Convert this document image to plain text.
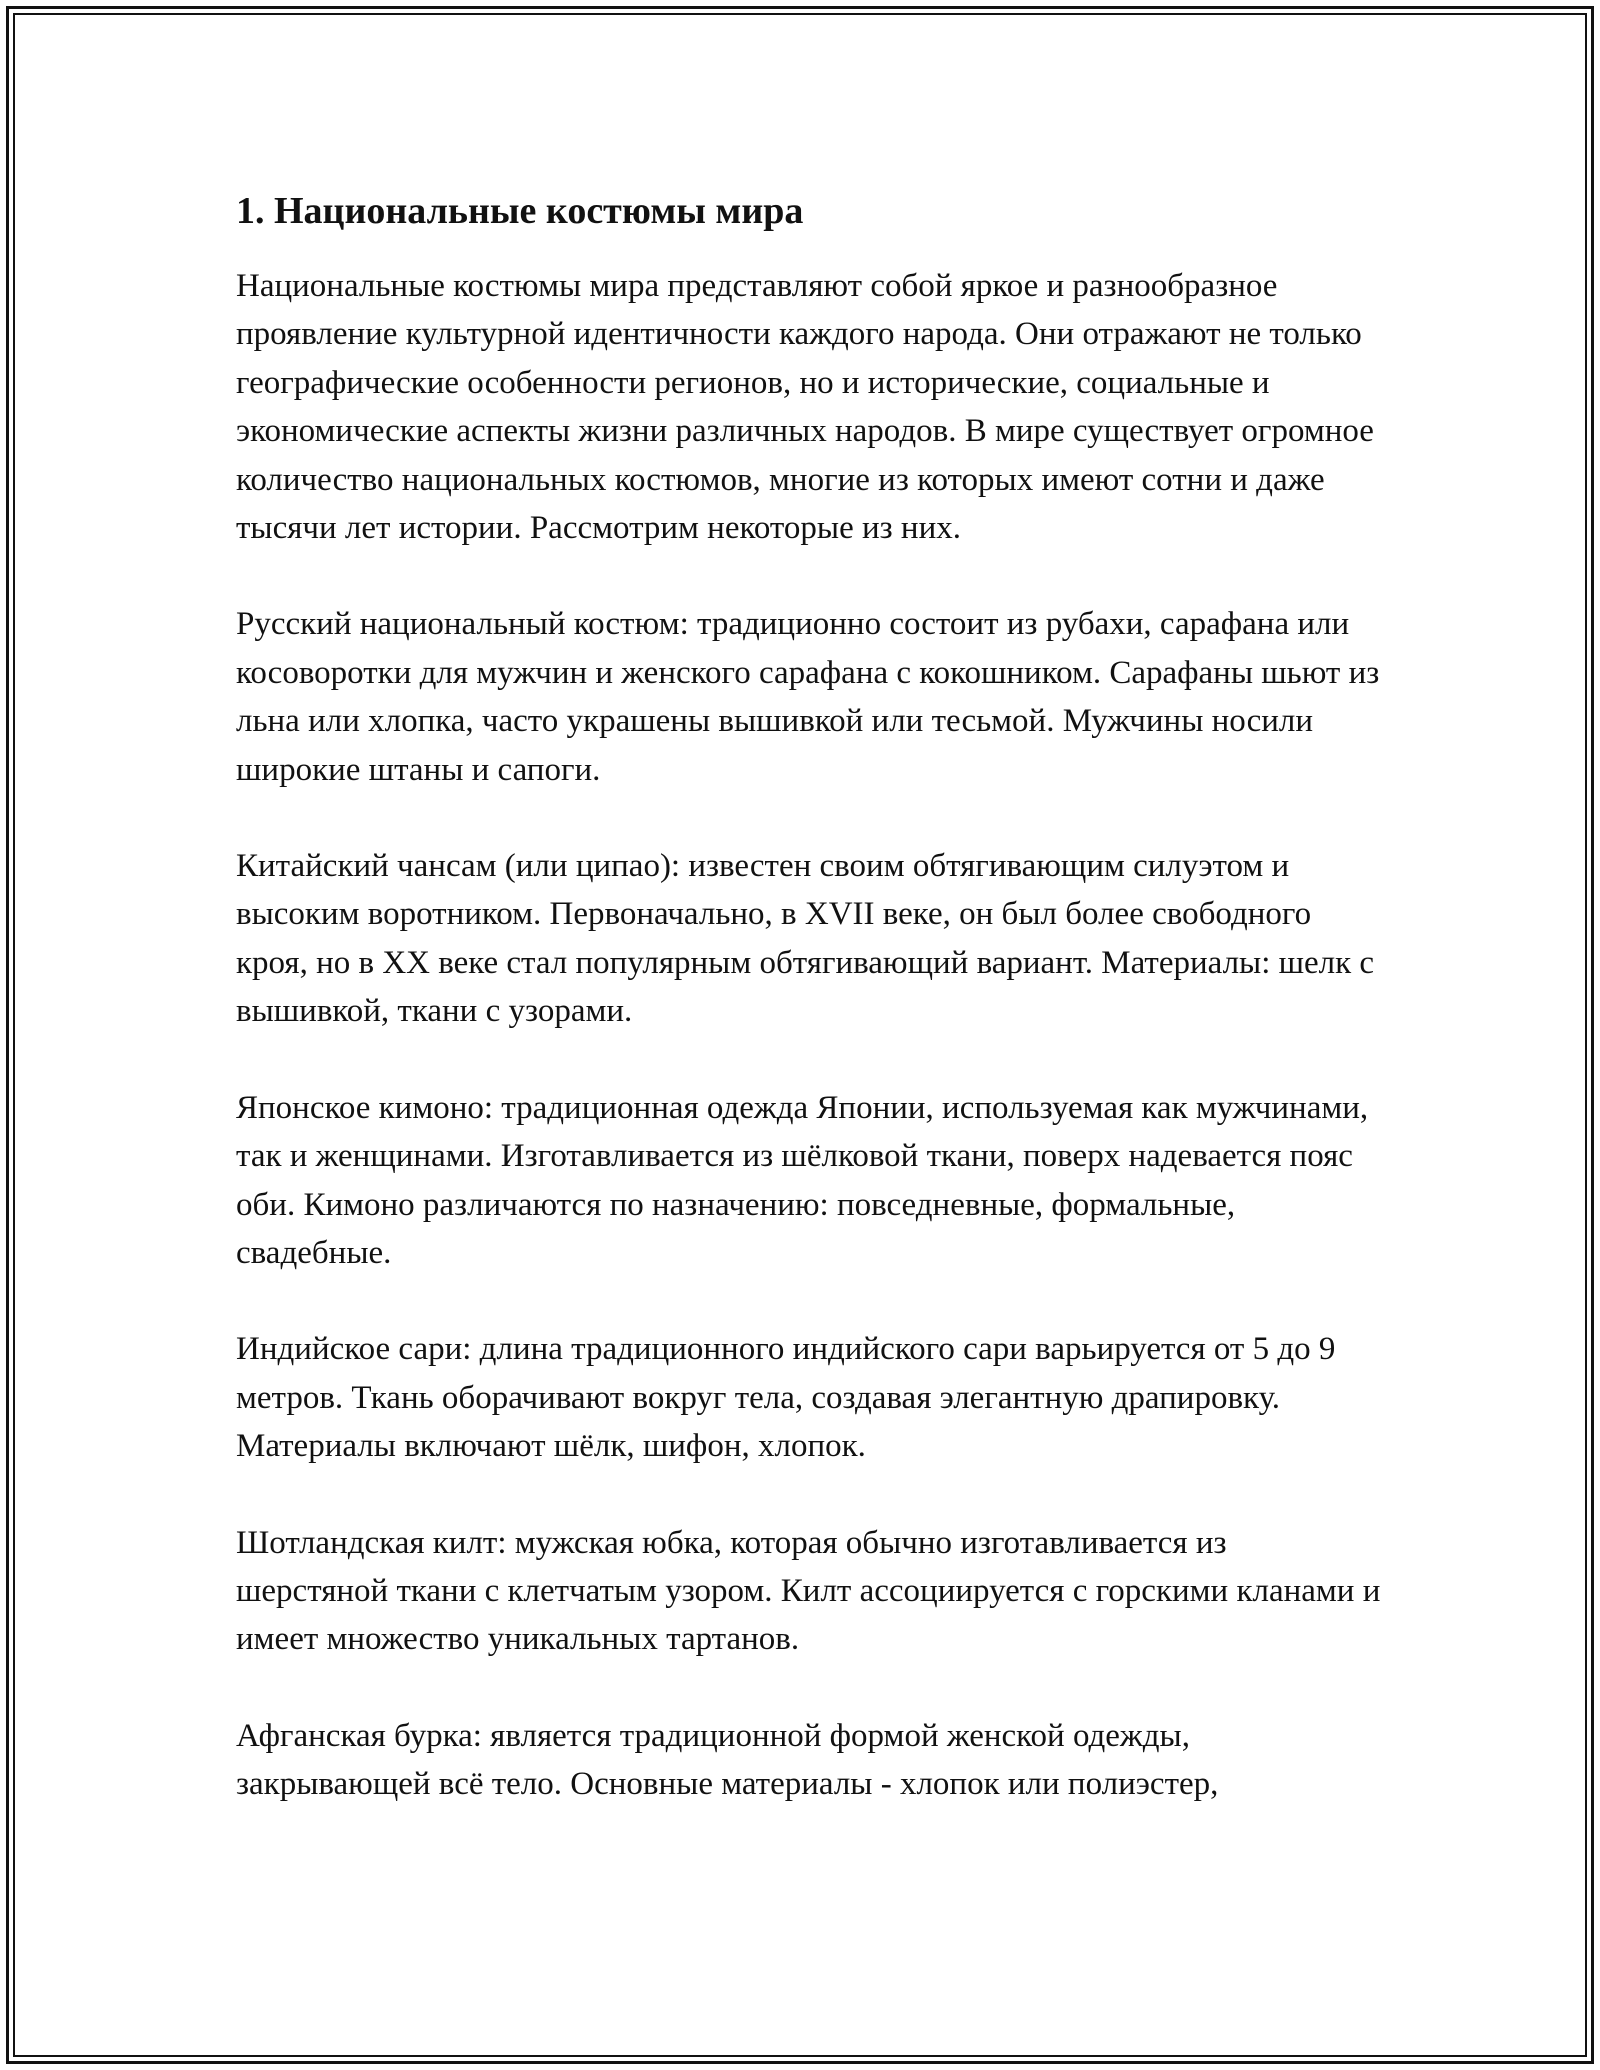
1. Национальные костюмы мира

Национальные костюмы мира представляют собой яркое и разнообразное проявление культурной идентичности каждого народа. Они отражают не только географические особенности регионов, но и исторические, социальные и экономические аспекты жизни различных народов. В мире существует огромное количество национальных костюмов, многие из которых имеют сотни и даже тысячи лет истории. Рассмотрим некоторые из них.

Русский национальный костюм: традиционно состоит из рубахи, сарафана или косоворотки для мужчин и женского сарафана с кокошником. Сарафаны шьют из льна или хлопка, часто украшены вышивкой или тесьмой. Мужчины носили широкие штаны и сапоги.

Китайский чансам (или ципао): известен своим обтягивающим силуэтом и высоким воротником. Первоначально, в XVII веке, он был более свободного кроя, но в XX веке стал популярным обтягивающий вариант. Материалы: шелк с вышивкой, ткани с узорами.

Японское кимоно: традиционная одежда Японии, используемая как мужчинами, так и женщинами. Изготавливается из шёлковой ткани, поверх надевается пояс оби. Кимоно различаются по назначению: повседневные, формальные, свадебные.

Индийское сари: длина традиционного индийского сари варьируется от 5 до 9 метров. Ткань оборачивают вокруг тела, создавая элегантную драпировку. Материалы включают шёлк, шифон, хлопок.

Шотландская килт: мужская юбка, которая обычно изготавливается из шерстяной ткани с клетчатым узором. Килт ассоциируется с горскими кланами и имеет множество уникальных тартанов.

Афганская бурка: является традиционной формой женской одежды, закрывающей всё тело. Основные материалы - хлопок или полиэстер,
